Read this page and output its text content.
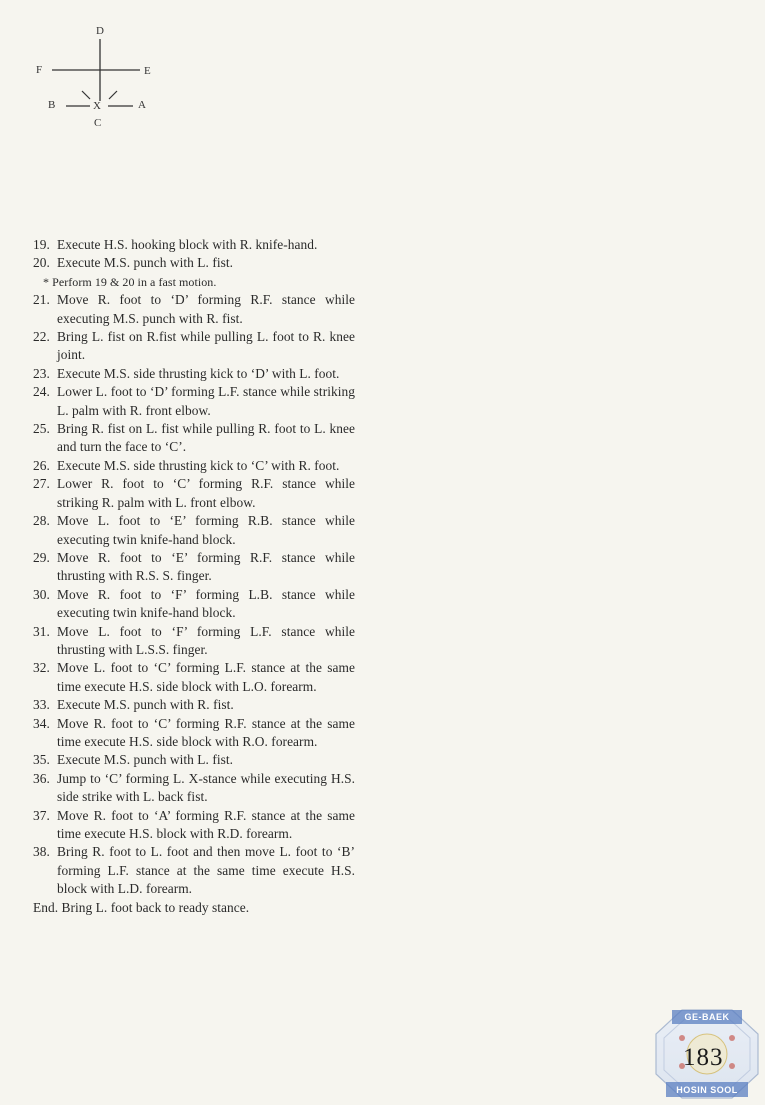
D
F	E
B	A
C
X
19. Execute H.S. hooking block with R. knife-hand.
20. Execute M.S. punch with L. fist.
* Perform 19 & 20 in a fast motion.
21. Move R. foot to ‘D’ forming R.F. stance while executing M.S. punch with R. fist.
22. Bring L. fist on R.fist while pulling L. foot to R. knee joint.
23. Execute M.S. side thrusting kick to ‘D’ with L. foot.
24. Lower L. foot to ‘D’ forming L.F. stance while striking L. palm with R. front elbow.
25. Bring R. fist on L. fist while pulling R. foot to L. knee and turn the face to ‘C’.
26. Execute M.S. side thrusting kick to ‘C’ with R. foot.
27. Lower R. foot to ‘C’ forming R.F. stance while striking R. palm with L. front elbow.
28. Move L. foot to ‘E’ forming R.B. stance while executing twin knife-hand block.
29. Move R. foot to ‘E’ forming R.F. stance while thrusting with R.S. S. finger.
30. Move R. foot to ‘F’ forming L.B. stance while executing twin knife-hand block.
31. Move L. foot to ‘F’ forming L.F. stance while thrusting with L.S.S. finger.
32. Move L. foot to ‘C’ forming L.F. stance at the same time execute H.S. side block with L.O. forearm.
33. Execute M.S. punch with R. fist.
34. Move R. foot to ‘C’ forming R.F. stance at the same time execute H.S. side block with R.O. forearm.
35. Execute M.S. punch with L. fist.
36. Jump to ‘C’ forming L. X-stance while executing H.S. side strike with L. back fist.
37. Move R. foot to ‘A’ forming R.F. stance at the same time execute H.S. block with R.D. forearm.
38. Bring R. foot to L. foot and then move L. foot to ‘B’ forming L.F. stance at the same time execute H.S. block with L.D. forearm.
End. Bring L. foot back to ready stance.
GE-BAEK
HOSIN SOOL
183
